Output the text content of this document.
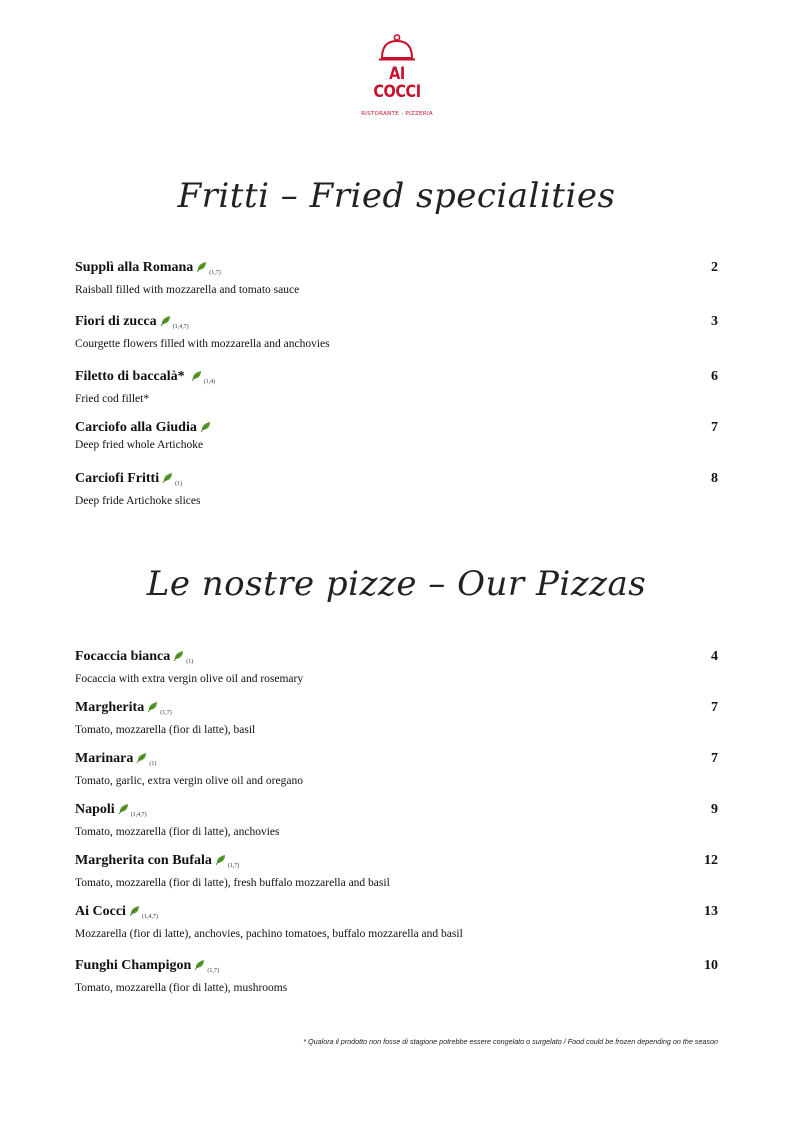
AI COCCI
RISTORANTE - PIZZERIA
Fritti – Fried specialities
Supplì alla Romana	$_{(1,7)}$
Raisball filled with mozzarella and tomato sauce
2
Fiori di zucca	$_{(1,4,7)}$
Courgette flowers filled with mozzarella and anchovies
3
Filetto di baccalà*	$_{(1,4)}$
Fried cod fillet*
6
Carciofo alla Giudia
Deep fried whole Artichoke
7
Carciofi Fritti	$_{(1)}$
Deep fride Artichoke slices
8
Le nostre pizze – Our Pizzas
Focaccia bianca	$_{(1)}$
Focaccia with extra vergin olive oil and rosemary
4
Margherita	$_{(1,7)}$
Tomato, mozzarella (fior di latte), basil
7
Marinara	$_{(1)}$
Tomato, garlic, extra vergin olive oil and oregano
7
Napoli	$_{(1,4,7)}$
Tomato, mozzarella (fior di latte), anchovies
9
Margherita con Bufala	$_{(1,7)}$
Tomato, mozzarella (fior di latte), fresh buffalo mozzarella and basil
12
Ai Cocci	$_{(1,4,7)}$
Mozzarella (fior di latte), anchovies, pachino tomatoes, buffalo mozzarella and basil
13
Funghi Champigon	$_{(1,7)}$
Tomato, mozzarella (fior di latte), mushrooms
10
* Qualora il prodotto non fosse di stagione potrebbe essere congelato o surgelato / Food could be frozen depending on the season
